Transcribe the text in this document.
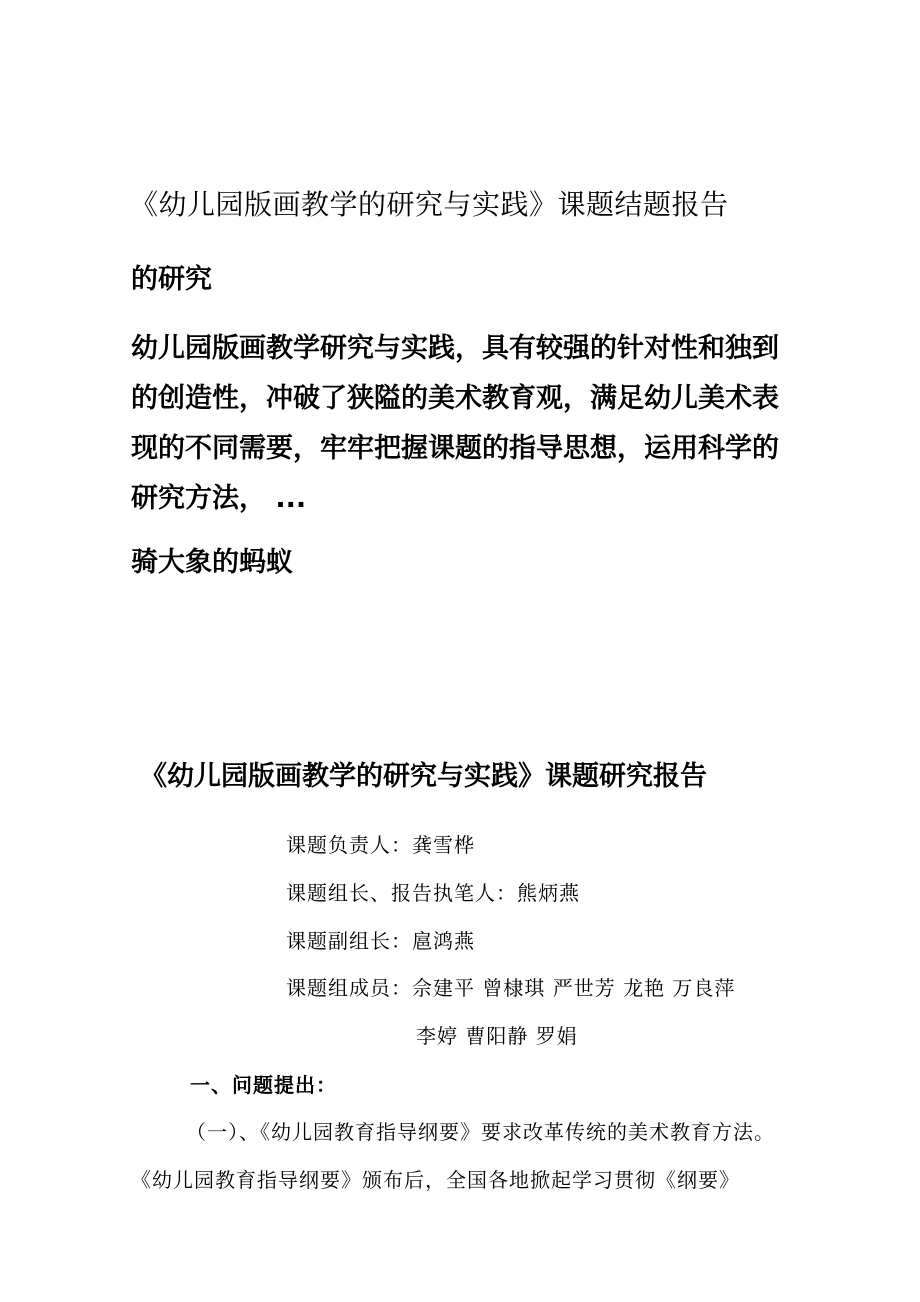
《幼儿园版画教学的研究与实践》课题结题报告
的研究
幼儿园版画教学研究与实践，具有较强的针对性和独到
的创造性，冲破了狭隘的美术教育观，满足幼儿美术表
现的不同需要，牢牢把握课题的指导思想，运用科学的
研究方法， ...
骑大象的蚂蚁
《幼儿园版画教学的研究与实践》课题研究报告
课题负责人：龚雪桦
课题组长、报告执笔人：熊炳燕
课题副组长：扈鸿燕
课题组成员：佘建平 曾棣琪 严世芳 龙艳 万良萍
李婷 曹阳静 罗娟
一、问题提出：

（一）、《幼儿园教育指导纲要》要求改革传统的美术教育方法。

《幼儿园教育指导纲要》颁布后，全国各地掀起学习贯彻《纲要》
